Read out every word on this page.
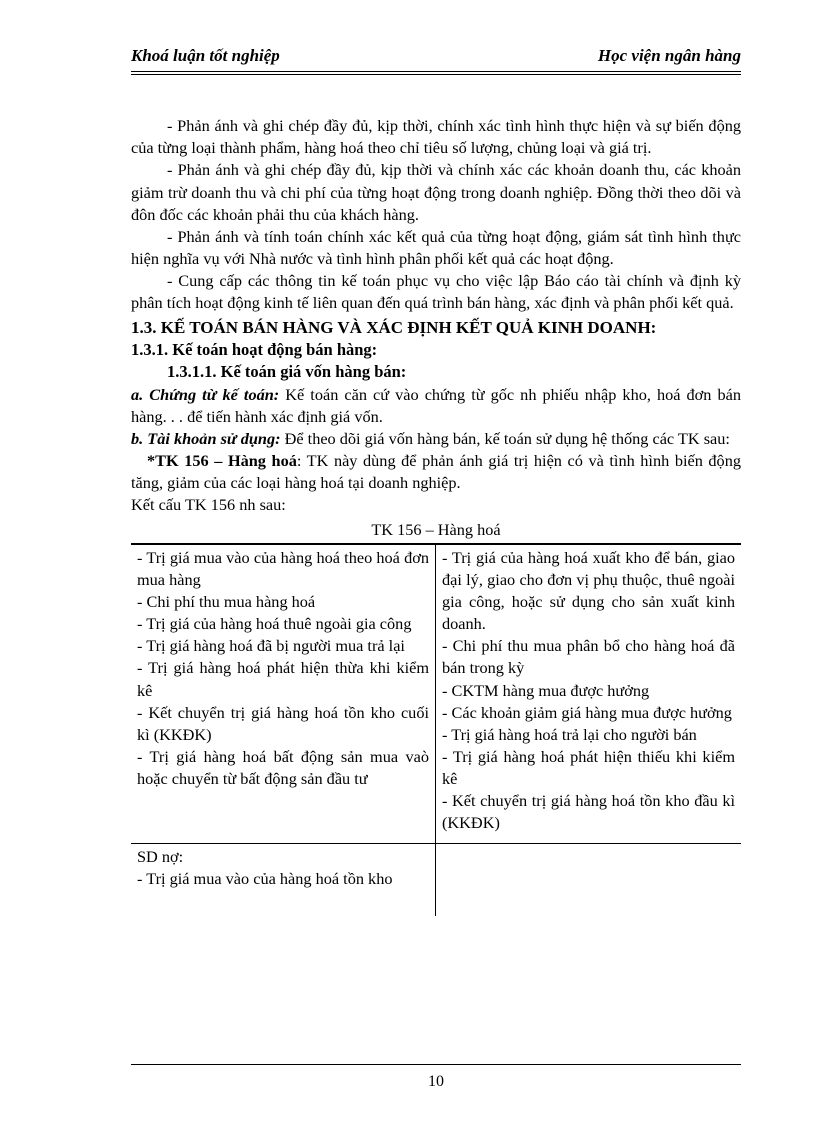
Khoá luận tốt nghiệp	Học viện ngân hàng

- Phản ánh và ghi chép đầy đủ, kịp thời, chính xác tình hình thực hiện và sự biến động của từng loại thành phẩm, hàng hoá theo chỉ tiêu số lượng, chủng loại và giá trị.

- Phản ánh và ghi chép đầy đủ, kịp thời và chính xác các khoản doanh thu, các khoản giảm trừ doanh thu và chi phí của từng hoạt động trong doanh nghiệp. Đồng thời theo dõi và đôn đốc các khoản phải thu của khách hàng.

- Phản ánh và tính toán chính xác kết quả của từng hoạt động, giám sát tình hình thực hiện nghĩa vụ với Nhà nước và tình hình phân phối kết quả các hoạt động.

- Cung cấp các thông tin kế toán phục vụ cho việc lập Báo cáo tài chính và định kỳ phân tích hoạt động kinh tế liên quan đến quá trình bán hàng, xác định và phân phối kết quả.

1.3. KẾ TOÁN BÁN HÀNG VÀ XÁC ĐỊNH KẾT QUẢ KINH DOANH:
1.3.1. Kế toán hoạt động bán hàng:
1.3.1.1. Kế toán giá vốn hàng bán:

a. Chứng từ kế toán: Kế toán căn cứ vào chứng từ gốc nh phiếu nhập kho, hoá đơn bán hàng. . . để tiến hành xác định giá vốn.

b. Tài khoản sử dụng: Để theo dõi giá vốn hàng bán, kế toán sử dụng hệ thống các TK sau:

*TK 156 – Hàng hoá: TK này dùng để phản ánh giá trị hiện có và tình hình biến động tăng, giảm của các loại hàng hoá tại doanh nghiệp.

Kết cấu TK 156 nh sau:

TK 156 – Hàng hoá

- Trị giá mua vào của hàng hoá theo hoá đơn mua hàng

- Chi phí thu mua hàng hoá

- Trị giá của hàng hoá thuê ngoài gia công

- Trị giá hàng hoá đã bị người mua trả lại

- Trị giá hàng hoá phát hiện thừa khi kiểm kê

- Kết chuyển trị giá hàng hoá tồn kho cuối kì (KKĐK)

- Trị giá hàng hoá bất động sản mua vaò hoặc chuyển từ bất động sản đầu tư

- Trị giá của hàng hoá xuất kho để bán, giao đại lý, giao cho đơn vị phụ thuộc, thuê ngoài gia công, hoặc sử dụng cho sản xuất kinh doanh.

- Chi phí thu mua phân bổ cho hàng hoá đã bán trong kỳ

- CKTM hàng mua được hưởng

- Các khoản giảm giá hàng mua được hưởng

- Trị giá hàng hoá trả lại cho người bán

- Trị giá hàng hoá phát hiện thiếu khi kiểm kê

- Kết chuyển trị giá hàng hoá tồn kho đầu kì (KKĐK)

SD nợ:

- Trị giá mua vào của hàng hoá tồn kho

10
